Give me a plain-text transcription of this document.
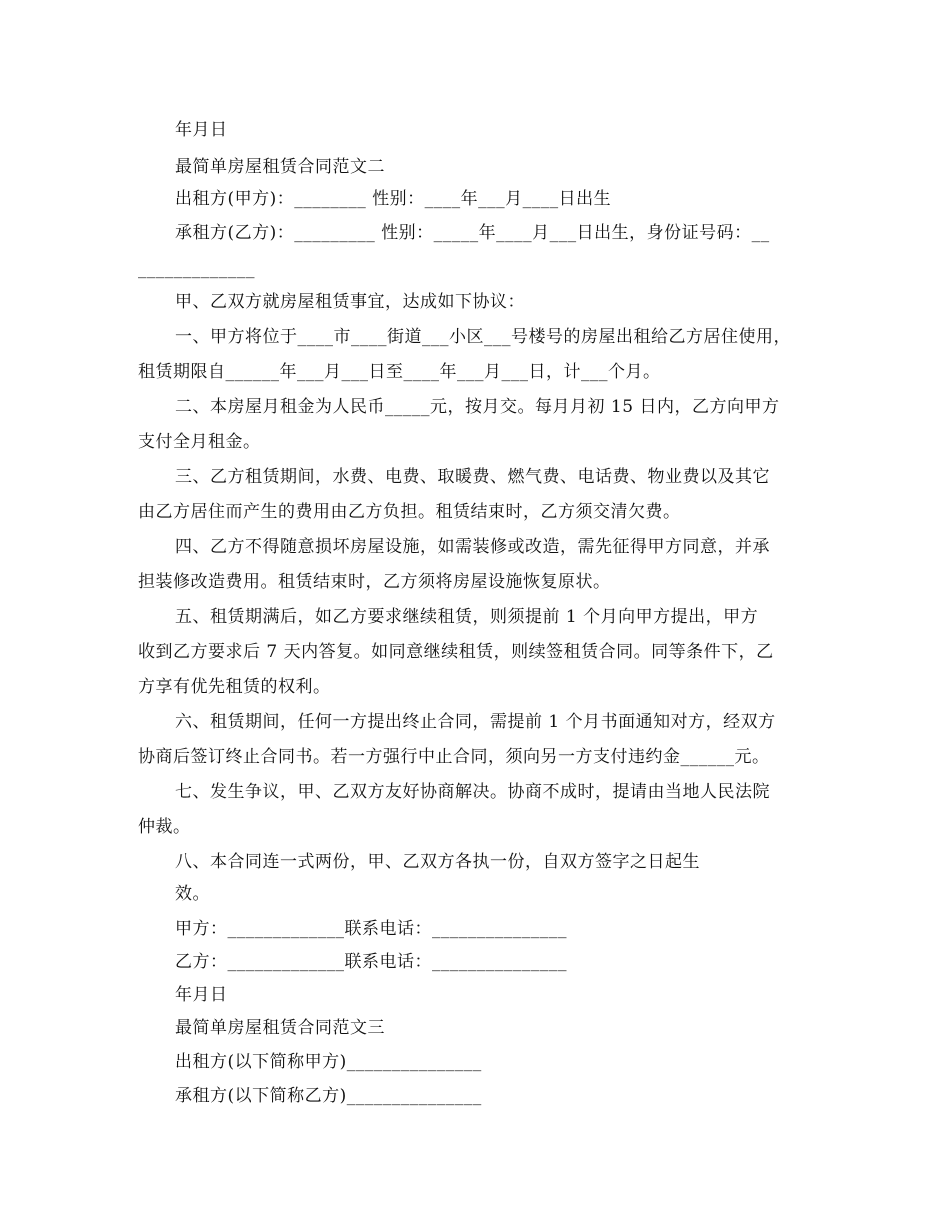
年月日
最简单房屋租赁合同范文二
出租方(甲方)：________ 性别：____年___月____日出生
承租方(乙方)：_________ 性别：_____年____月___日出生，身份证号码：__
_____________
甲、乙双方就房屋租赁事宜，达成如下协议：
一、甲方将位于____市____街道___小区___号楼号的房屋出租给乙方居住使用，
租赁期限自______年___月___日至____年___月___日，计___个月。
二、本房屋月租金为人民币_____元，按月交。每月月初 15 日内，乙方向甲方
支付全月租金。
三、乙方租赁期间，水费、电费、取暖费、燃气费、电话费、物业费以及其它
由乙方居住而产生的费用由乙方负担。租赁结束时，乙方须交清欠费。
四、乙方不得随意损坏房屋设施，如需装修或改造，需先征得甲方同意，并承
担装修改造费用。租赁结束时，乙方须将房屋设施恢复原状。
五、租赁期满后，如乙方要求继续租赁，则须提前 1 个月向甲方提出，甲方
收到乙方要求后 7 天内答复。如同意继续租赁，则续签租赁合同。同等条件下，乙
方享有优先租赁的权利。
六、租赁期间，任何一方提出终止合同，需提前 1 个月书面通知对方，经双方
协商后签订终止合同书。若一方强行中止合同，须向另一方支付违约金______元。
七、发生争议，甲、乙双方友好协商解决。协商不成时，提请由当地人民法院
仲裁。
八、本合同连一式两份，甲、乙双方各执一份，自双方签字之日起生
效。
甲方：_____________联系电话：_______________
乙方：_____________联系电话：_______________
年月日
最简单房屋租赁合同范文三
出租方(以下简称甲方)_______________
承租方(以下简称乙方)_______________
